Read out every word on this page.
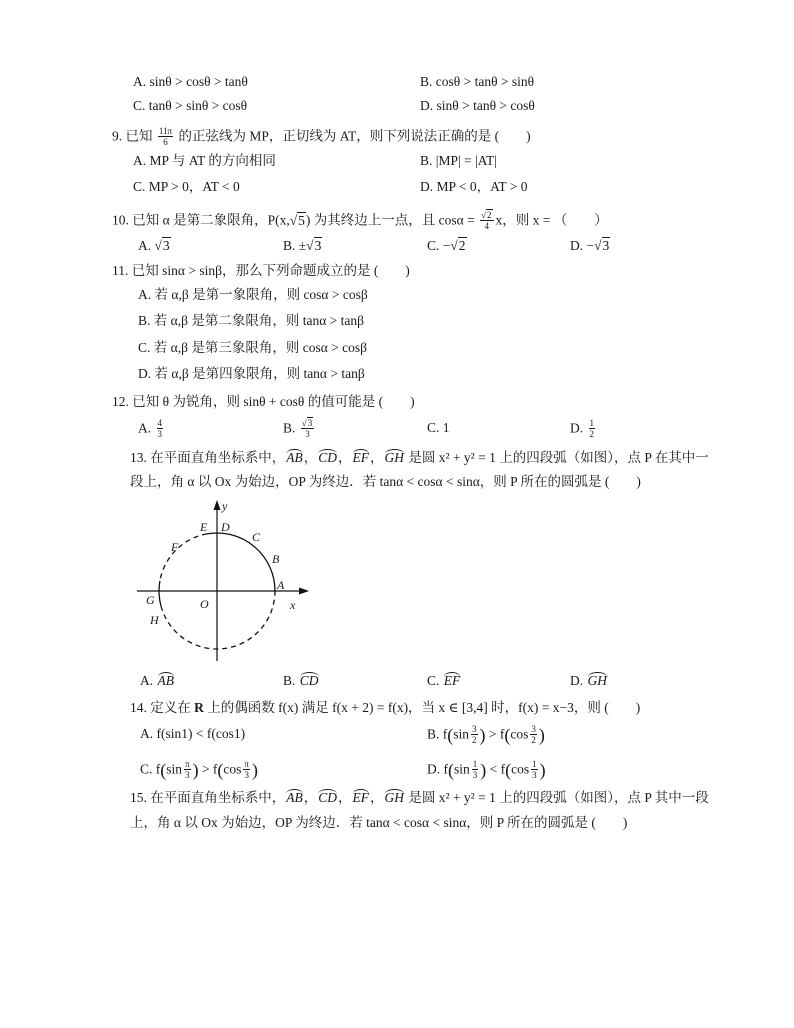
A. sinθ > cosθ > tanθ	B. cosθ > tanθ > sinθ
C. tanθ > sinθ > cosθ	D. sinθ > tanθ > cosθ
9. 已知 $\frac{11\pi}{6}$ 的正弦线为 MP，正切线为 AT，则下列说法正确的是 (　　)
A. MP 与 AT 的方向相同	B. |MP| = |AT|
C. MP > 0，AT < 0	D. MP < 0，AT > 0
10. 已知 α 是第二象限角，P(x, √ 5) 为其终边上一点，且 cosα = √ $\frac{2}{4}$ x，则 x = （　　）
A. √ 3	B. ± √ 3	C. − √ 2	D. − √ 3
11. 已知 sinα > sinβ，那么下列命题成立的是 (　　)
A. 若 α,β 是第一象限角，则 cosα > cosβ
B. 若 α,β 是第二象限角，则 tanα > tanβ
C. 若 α,β 是第三象限角，则 cosα > cosβ
D. 若 α,β 是第四象限角，则 tanα > tanβ
12. 已知 θ 为锐角，则 sinθ + cosθ 的值可能是 (　　)
A. $\frac{4}{3}$	B. √ $\frac{3}{3}$	C. 1	D. $\frac{1}{2}$
13. 在平面直角坐标系中，AB，CD，EF，GH 是圆 x² + y² = 1 上的四段弧（如图），点 P 在其中一
段上，角 α 以 Ox 为始边，OP 为终边．若 tanα < cosα < sinα，则 P 所在的圆弧是 (　　)
y
E D
C
F
B
A
G	O
H
x
A. AB	B. CD	C. EF	D. GH
14. 定义在 R 上的偶函数 f(x) 满足 f(x + 2) = f(x)，当 x ∈ [3,4] 时，f(x) = x−3，则 (　　)
A. f(sin1) < f(cos1)	B. $f(\sin \frac{3}{2}$ ) > $f(\cos \frac{3}{2}$ )
C. $f(\sin \frac{\pi}{3}$ ) > $f(\cos \frac{\pi}{3}$ )	D. $f(\sin \frac{1}{3}$ ) < $f(\cos \frac{1}{3}$ )
15. 在平面直角坐标系中，AB，CD，EF，GH 是圆 x² + y² = 1 上的四段弧（如图），点 P 其中一段
上，角 α 以 Ox 为始边，OP 为终边．若 tanα < cosα < sinα，则 P 所在的圆弧是 (　　)
